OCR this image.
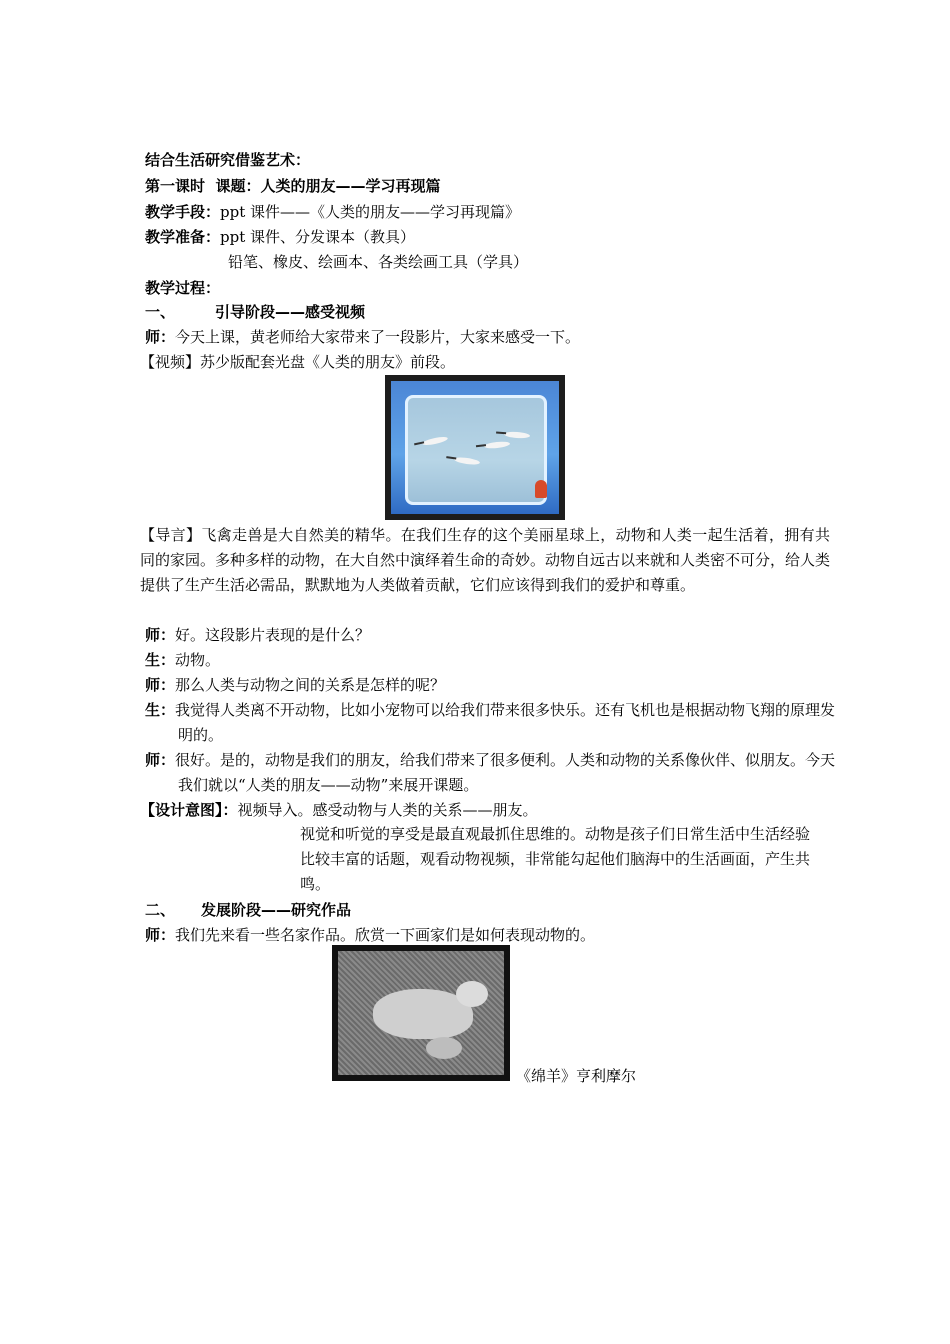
结合生活研究借鉴艺术：
第一课时 课题：人类的朋友——学习再现篇
教学手段：ppt 课件——《人类的朋友——学习再现篇》
教学准备：ppt 课件、分发课本（教具）
铅笔、橡皮、绘画本、各类绘画工具（学具）
教学过程：
一、	引导阶段——感受视频
师：今天上课，黄老师给大家带来了一段影片，大家来感受一下。
【视频】苏少版配套光盘《人类的朋友》前段。
【导言】飞禽走兽是大自然美的精华。在我们生存的这个美丽星球上，动物和人类一起生活着，拥有共同的家园。多种多样的动物，在大自然中演绎着生命的奇妙。动物自远古以来就和人类密不可分，给人类提供了生产生活必需品，默默地为人类做着贡献，它们应该得到我们的爱护和尊重。
师：好。这段影片表现的是什么？
生：动物。
师：那么人类与动物之间的关系是怎样的呢？
生：我觉得人类离不开动物，比如小宠物可以给我们带来很多快乐。还有飞机也是根据动物飞翔的原理发明的。
师：很好。是的，动物是我们的朋友，给我们带来了很多便利。人类和动物的关系像伙伴、似朋友。今天我们就以“人类的朋友——动物”来展开课题。
【设计意图】：视频导入。感受动物与人类的关系——朋友。
视觉和听觉的享受是最直观最抓住思维的。动物是孩子们日常生活中生活经验比较丰富的话题，观看动物视频，非常能勾起他们脑海中的生活画面，产生共鸣。
二、 发展阶段——研究作品
师：我们先来看一些名家作品。欣赏一下画家们是如何表现动物的。
《绵羊》亨利摩尔
